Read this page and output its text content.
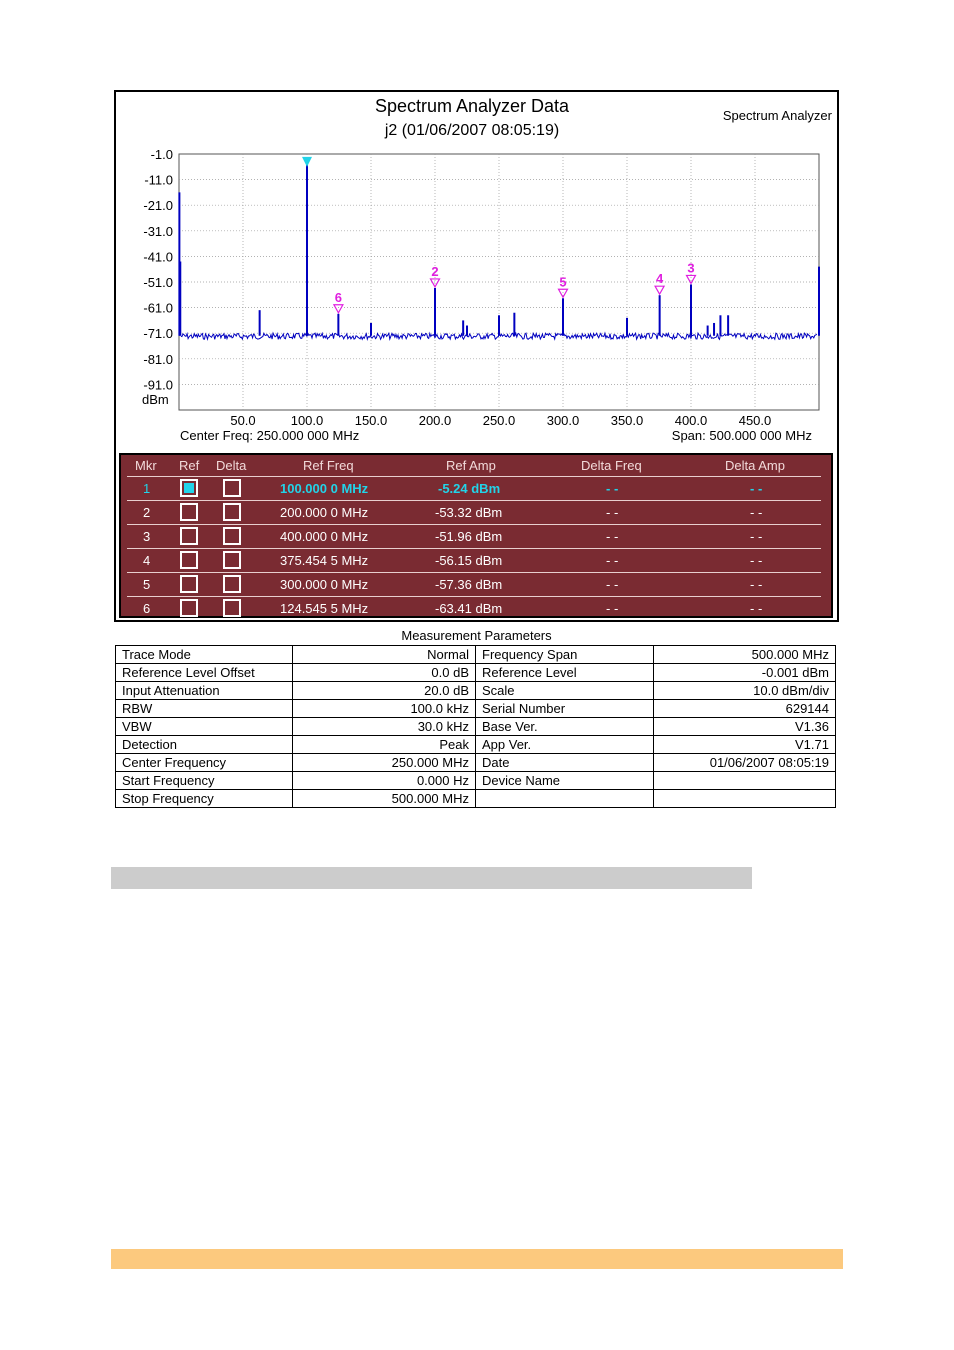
Spectrum Analyzer Data
j2 (01/06/2007 08:05:19)
Spectrum Analyzer
-1.0
-11.0
-21.0
-31.0
-41.0
-51.0
-61.0
-71.0
-81.0
-91.0
dBm
50.0	100.0 150.0 200.0 250.0 300.0 350.0 400.0 450.0
Center Freq: 250.000 000 MHz	Span: 500.000 000 MHz
2	3
4
5
6
Mkr Ref Delta	Ref Freq	Ref Amp	Delta Freq	Delta Amp
1	100.000 0 MHz	-5.24 dBm	- -	- -
2	200.000 0 MHz	-53.32 dBm	- -	- -
3	400.000 0 MHz	-51.96 dBm	- -	- -
4	375.454 5 MHz	-56.15 dBm	- -	- -
5	300.000 0 MHz	-57.36 dBm	- -	- -
6	124.545 5 MHz	-63.41 dBm	- -	- -
Measurement Parameters
Trace Mode	Normal	Frequency Span	500.000 MHz
Reference Level Offset	0.0 dB	Reference Level	-0.001 dBm
Input Attenuation	20.0 dB	Scale	10.0 dBm/div
RBW	100.0 kHz	Serial Number	629144
VBW	30.0 kHz	Base Ver.	V1.36
Detection	Peak	App Ver.	V1.71
Center Frequency	250.000 MHz	Date	01/06/2007 08:05:19
Start Frequency	0.000 Hz	Device Name	
Stop Frequency	500.000 MHz		
